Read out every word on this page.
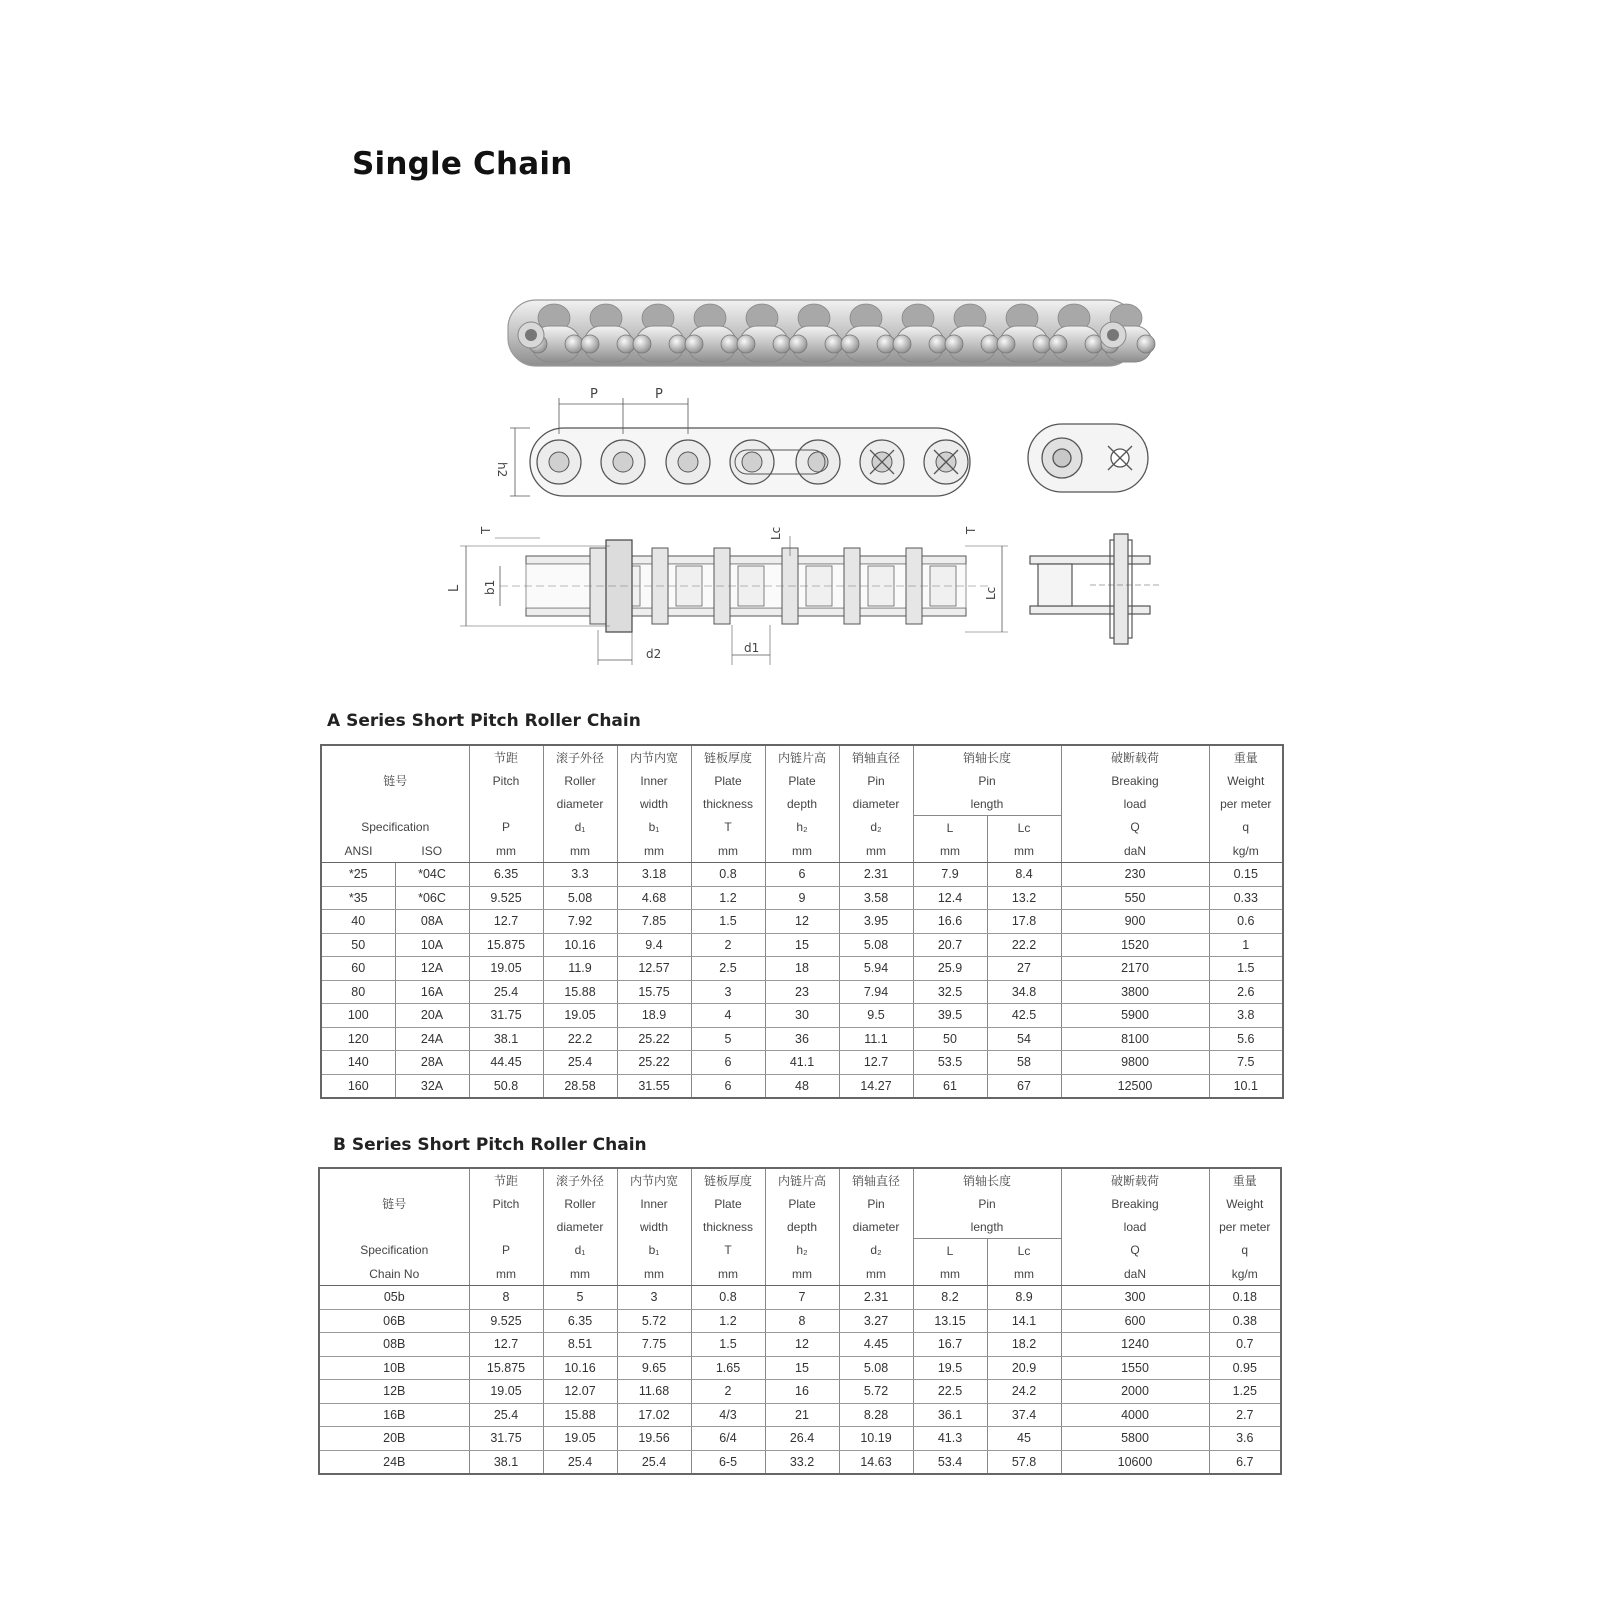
Single Chain
P	P
h2
T	T
Lc
L b1	Lc
d2	d1
A Series Short Pitch Roller Chain
		节距	滚子外径	内节内宽	链板厚度	内链片高	销轴直径	销轴长度		破断载荷	重量
链号		Pitch	Roller	Inner	Plate	Plate	Pin	Pin		Breaking	Weight
			diameter	width	thickness	depth	diameter	length		load	per meter
Specification		P	d₁	b₁	T	h₂	d₂	L	Lc	Q	q
ANSI	ISO	mm	mm	mm	mm	mm	mm	mm	mm	daN	kg/m
*25	*04C	6.35	3.3	3.18	0.8	6	2.31	7.9	8.4	230	0.15
*35	*06C	9.525	5.08	4.68	1.2	9	3.58	12.4	13.2	550	0.33
40	08A	12.7	7.92	7.85	1.5	12	3.95	16.6	17.8	900	0.6
50	10A	15.875	10.16	9.4	2	15	5.08	20.7	22.2	1520	1
60	12A	19.05	11.9	12.57	2.5	18	5.94	25.9	27	2170	1.5
80	16A	25.4	15.88	15.75	3	23	7.94	32.5	34.8	3800	2.6
100	20A	31.75	19.05	18.9	4	30	9.5	39.5	42.5	5900	3.8
120	24A	38.1	22.2	25.22	5	36	11.1	50	54	8100	5.6
140	28A	44.45	25.4	25.22	6	41.1	12.7	53.5	58	9800	7.5
160	32A	50.8	28.58	31.55	6	48	14.27	61	67	12500	10.1
B Series Short Pitch Roller Chain
	节距	滚子外径	内节内宽	链板厚度	内链片高	销轴直径	销轴长度		破断载荷	重量
链号	Pitch	Roller	Inner	Plate	Plate	Pin	Pin		Breaking	Weight
		diameter	width	thickness	depth	diameter	length		load	per meter
Specification	P	d₁	b₁	T	h₂	d₂	L	Lc	Q	q
Chain No	mm	mm	mm	mm	mm	mm	mm	mm	daN	kg/m
05b	8	5	3	0.8	7	2.31	8.2	8.9	300	0.18
06B	9.525	6.35	5.72	1.2	8	3.27	13.15	14.1	600	0.38
08B	12.7	8.51	7.75	1.5	12	4.45	16.7	18.2	1240	0.7
10B	15.875	10.16	9.65	1.65	15	5.08	19.5	20.9	1550	0.95
12B	19.05	12.07	11.68	2	16	5.72	22.5	24.2	2000	1.25
16B	25.4	15.88	17.02	4/3	21	8.28	36.1	37.4	4000	2.7
20B	31.75	19.05	19.56	6/4	26.4	10.19	41.3	45	5800	3.6
24B	38.1	25.4	25.4	6-5	33.2	14.63	53.4	57.8	10600	6.7
